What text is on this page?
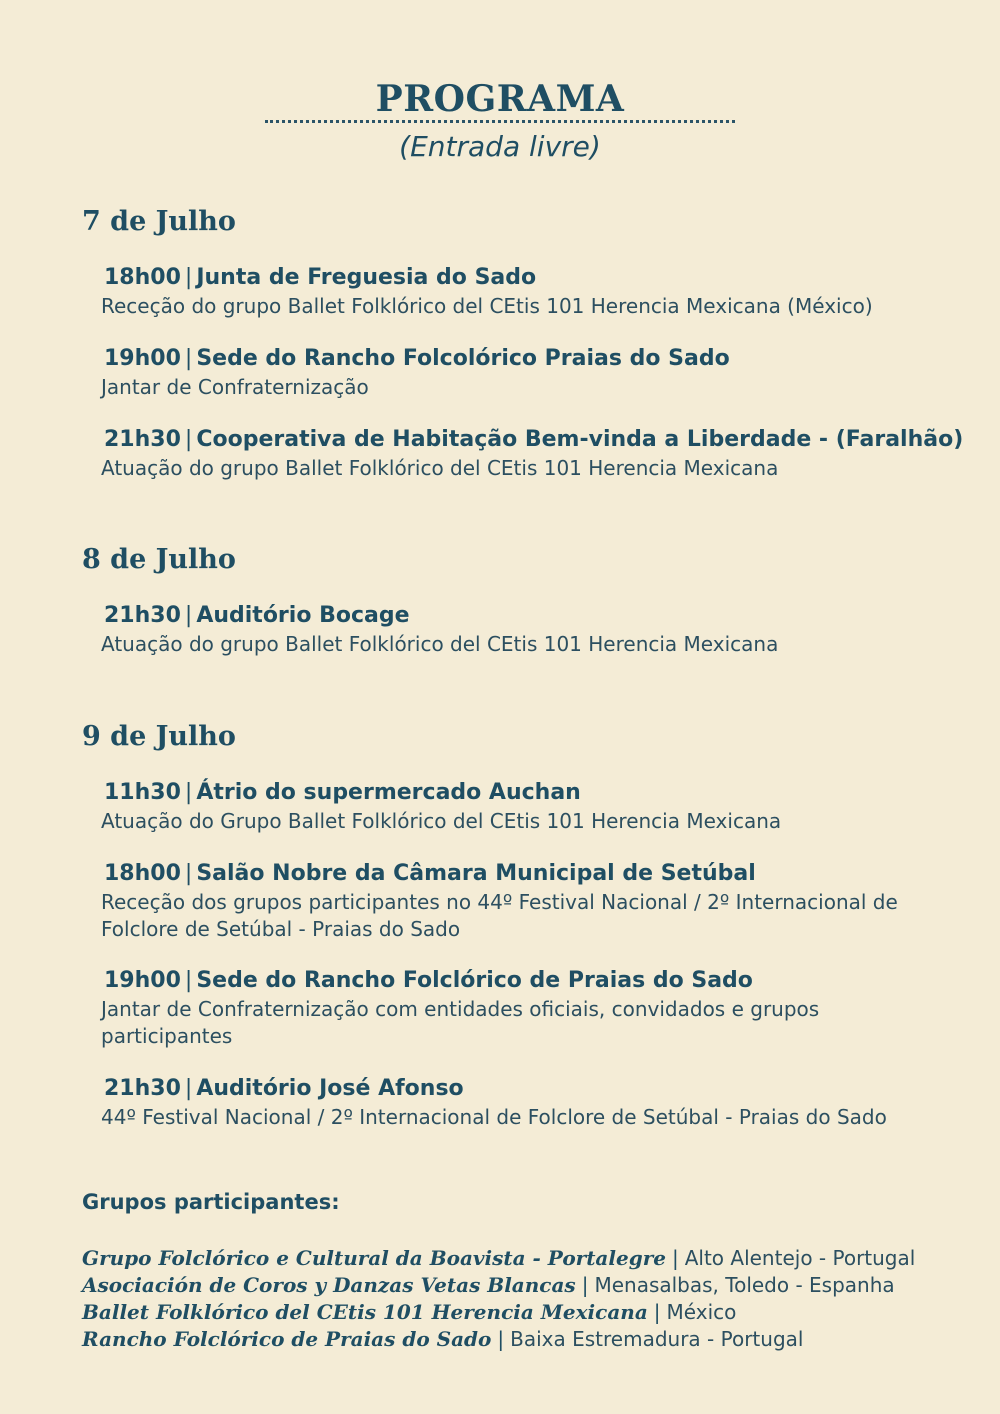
PROGRAMA
(Entrada livre)
7 de Julho
18h00 | Junta de Freguesia do Sado
Receção do grupo Ballet Folklórico del CEtis 101 Herencia Mexicana (México)
19h00 | Sede do Rancho Folcolórico Praias do Sado
Jantar de Confraternização
21h30 | Cooperativa de Habitação Bem-vinda a Liberdade - (Faralhão)
Atuação do grupo Ballet Folklórico del CEtis 101 Herencia Mexicana
8 de Julho
21h30 | Auditório Bocage
Atuação do grupo Ballet Folklórico del CEtis 101 Herencia Mexicana
9 de Julho
11h30 | Átrio do supermercado Auchan
Atuação do Grupo Ballet Folklórico del CEtis 101 Herencia Mexicana
18h00 | Salão Nobre da Câmara Municipal de Setúbal
Receção dos grupos participantes no 44º Festival Nacional / 2º Internacional de Folclore de Setúbal - Praias do Sado
19h00 | Sede do Rancho Folclórico de Praias do Sado
Jantar de Confraternização com entidades oficiais, convidados e grupos participantes
21h30 | Auditório José Afonso
44º Festival Nacional / 2º Internacional de Folclore de Setúbal - Praias do Sado
Grupos participantes:
Grupo Folclórico e Cultural da Boavista - Portalegre | Alto Alentejo - Portugal
Asociación de Coros y Danzas Vetas Blancas | Menasalbas, Toledo - Espanha
Ballet Folklórico del CEtis 101 Herencia Mexicana | México
Rancho Folclórico de Praias do Sado | Baixa Estremadura - Portugal
